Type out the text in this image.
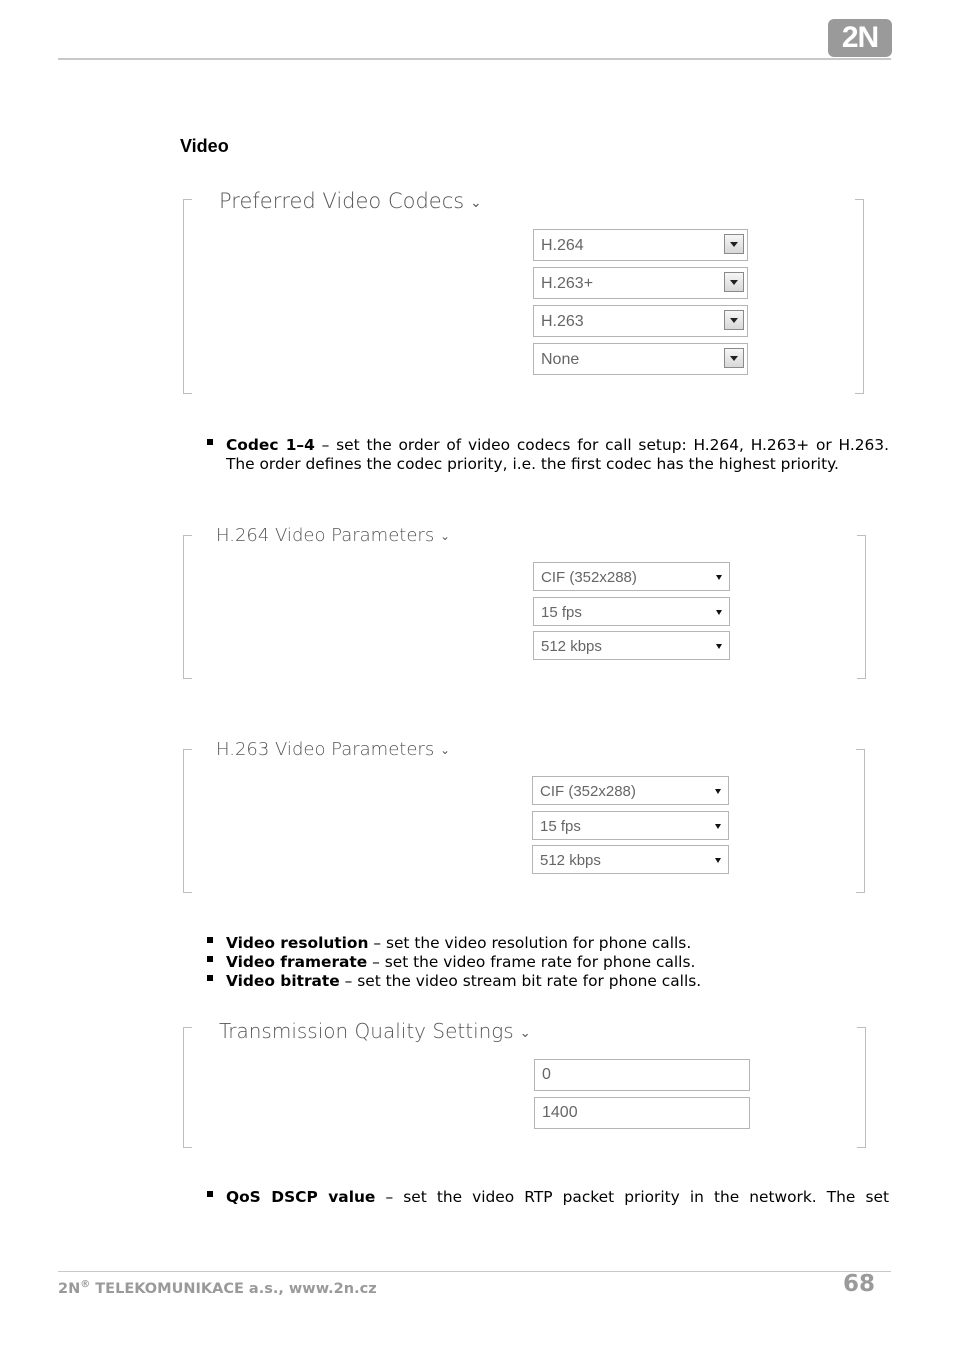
2N
Video
Preferred Video Codecs ⌄
H.264
H.263+
H.263
None
Codec 1–4 – set the order of video codecs for call setup: H.264, H.263+ or H.263. The order defines the codec priority, i.e. the first codec has the highest priority.
H.264 Video Parameters ⌄
CIF (352x288)
15 fps
512 kbps
H.263 Video Parameters ⌄
CIF (352x288)
15 fps
512 kbps
Video resolution – set the video resolution for phone calls.
Video framerate – set the video frame rate for phone calls.
Video bitrate – set the video stream bit rate for phone calls.
Transmission Quality Settings ⌄
0
1400
QoS DSCP value – set the video RTP packet priority in the network. The set
2N® TELEKOMUNIKACE a.s., www.2n.cz	68
